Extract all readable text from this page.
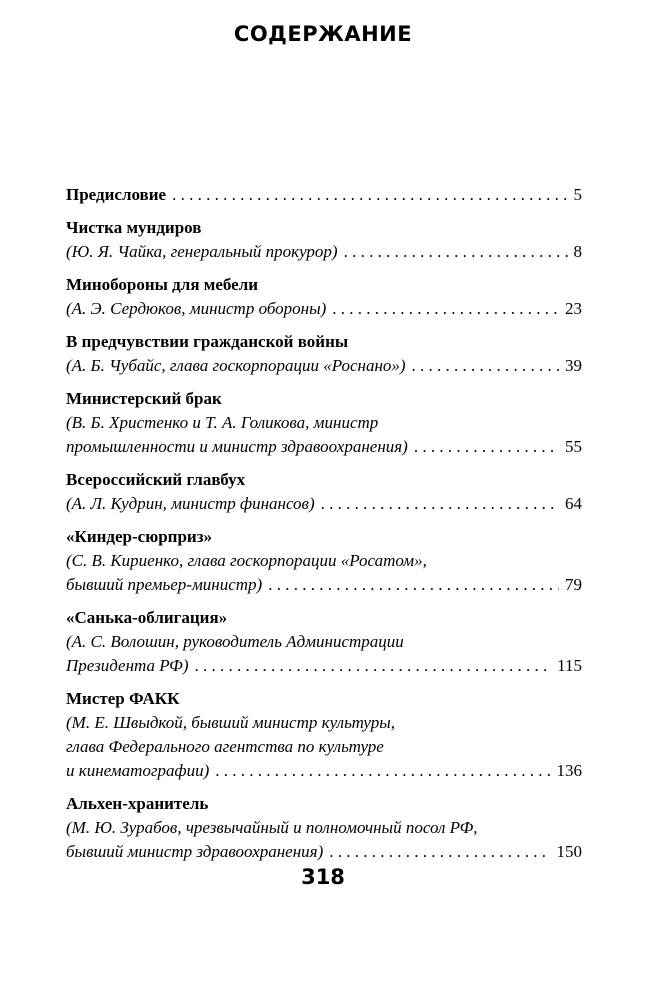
СОДЕРЖАНИЕ
Предисловие . . .	5
Чистка мундиров
(Ю. Я. Чайка, генеральный прокурор) . . .	8
Минобороны для мебели
(А. Э. Сердюков, министр обороны) . . .	23
В предчувствии гражданской войны
(А. Б. Чубайс, глава госкорпорации «Роснано») . . .	39
Министерский брак
(В. Б. Христенко и Т. А. Голикова, министр
промышленности и министр здравоохранения) . . .	55
Всероссийский главбух
(А. Л. Кудрин, министр финансов) . . .	64
«Киндер-сюрприз»
(С. В. Кириенко, глава госкорпорации «Росатом»,
бывший премьер-министр) . . .	79
«Санька-облигация»
(А. С. Волошин, руководитель Администрации
Президента РФ) . . .	115
Мистер ФАКК
(М. Е. Швыдкой, бывший министр культуры,
глава Федерального агентства по культуре
и кинематографии) . . .	136
Альхен-хранитель
(М. Ю. Зурабов, чрезвычайный и полномочный посол РФ,
бывший министр здравоохранения) . . .	150
318
